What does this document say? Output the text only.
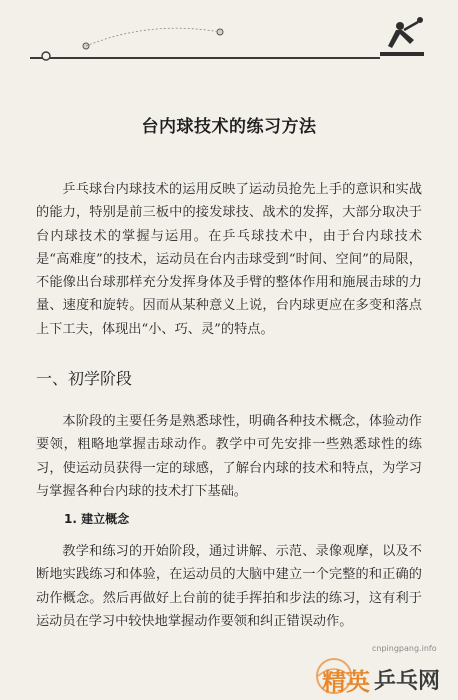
台内球技术的练习方法

乒乓球台内球技术的运用反映了运动员抢先上手的意识和实战的能力，特别是前三板中的接发球技、战术的发挥，大部分取决于台内球技术的掌握与运用。在乒乓球技术中，由于台内球技术是“高难度”的技术，运动员在台内击球受到“时间、空间”的局限，不能像出台球那样充分发挥身体及手臂的整体作用和施展击球的力量、速度和旋转。因而从某种意义上说，台内球更应在多变和落点上下工夫，体现出“小、巧、灵”的特点。

一、初学阶段

本阶段的主要任务是熟悉球性，明确各种技术概念，体验动作要领，粗略地掌握击球动作。教学中可先安排一些熟悉球性的练习，使运动员获得一定的球感，了解台内球的技术和特点，为学习与掌握各种台内球的技术打下基础。

1. 建立概念

教学和练习的开始阶段，通过讲解、示范、录像观摩，以及不断地实践练习和体验，在运动员的大脑中建立一个完整的和正确的动作概念。然后再做好上台前的徒手挥拍和步法的练习，这有利于运动员在学习中较快地掌握动作要领和纠正错误动作。

cnpingpang.info
精英 乒乓网
